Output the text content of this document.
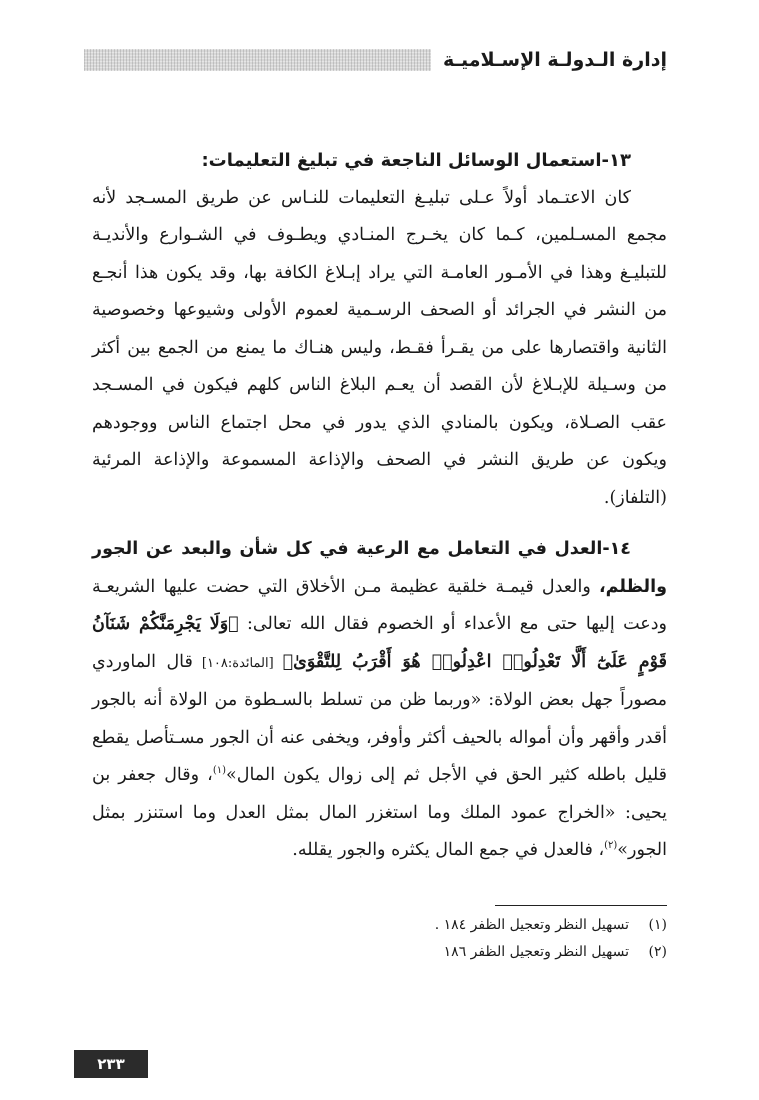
إدارة الـدولـة الإسـلاميـة

١٣-استعمال الوسائل الناجعة في تبليغ التعليمات:

كان الاعتـماد أولاً عـلى تبليـغ التعليمات للنـاس عن طريق المسـجد لأنه مجمع المسـلمين، كـما كان يخـرج المنـادي ويطـوف في الشـوارع والأنديـة للتبليـغ وهذا في الأمـور العامـة التي يراد إبـلاغ الكافة بها، وقد يكون هذا أنجـع من النشر في الجرائد أو الصحف الرسـمية لعموم الأولى وشيوعها وخصوصية الثانية واقتصارها على من يقـرأ فقـط، وليس هنـاك ما يمنع من الجمع بين أكثر من وسـيلة للإبـلاغ لأن القصد أن يعـم البلاغ الناس كلهم فيكون في المسـجد عقب الصـلاة، ويكون بالمنادي الذي يدور في محل اجتماع الناس ووجودهم ويكون عن طريق النشر في الصحف والإذاعة المسموعة والإذاعة المرئية (التلفاز).

١٤-العدل في التعامل مع الرعية في كل شأن والبعد عن الجور والظلم، والعدل قيمـة خلقية عظيمة مـن الأخلاق التي حضت عليها الشريعـة ودعت إليها حتى مع الأعداء أو الخصوم فقال الله تعالى: ﴿وَلَا يَجْرِمَنَّكُمْ شَنَآنُ قَوْمٍ عَلَىٰٓ أَلَّا تَعْدِلُوا۟ اعْدِلُوا۟ هُوَ أَقْرَبُ لِلتَّقْوَىٰ﴾ [المائدة:١٠٨] قال الماوردي مصوراً جهل بعض الولاة: «وربما ظن من تسلط بالسـطوة من الولاة أنه بالجور أقدر وأقهر وأن أمواله بالحيف أكثر وأوفر، ويخفى عنه أن الجور مسـتأصل يقطع قليل باطله كثير الحق في الأجل ثم إلى زوال يكون المال»$^{(١)}$، وقال جعفر بن يحيى: «الخراج عمود الملك وما استغزر المال بمثل العدل وما استنزر بمثل الجور»$^{(٢)}$، فالعدل في جمع المال يكثره والجور يقلله.

(١)
تسهيل النظر وتعجيل الظفر ١٨٤ .
(٢)
تسهيل النظر وتعجيل الظفر ١٨٦
٢٣٣
